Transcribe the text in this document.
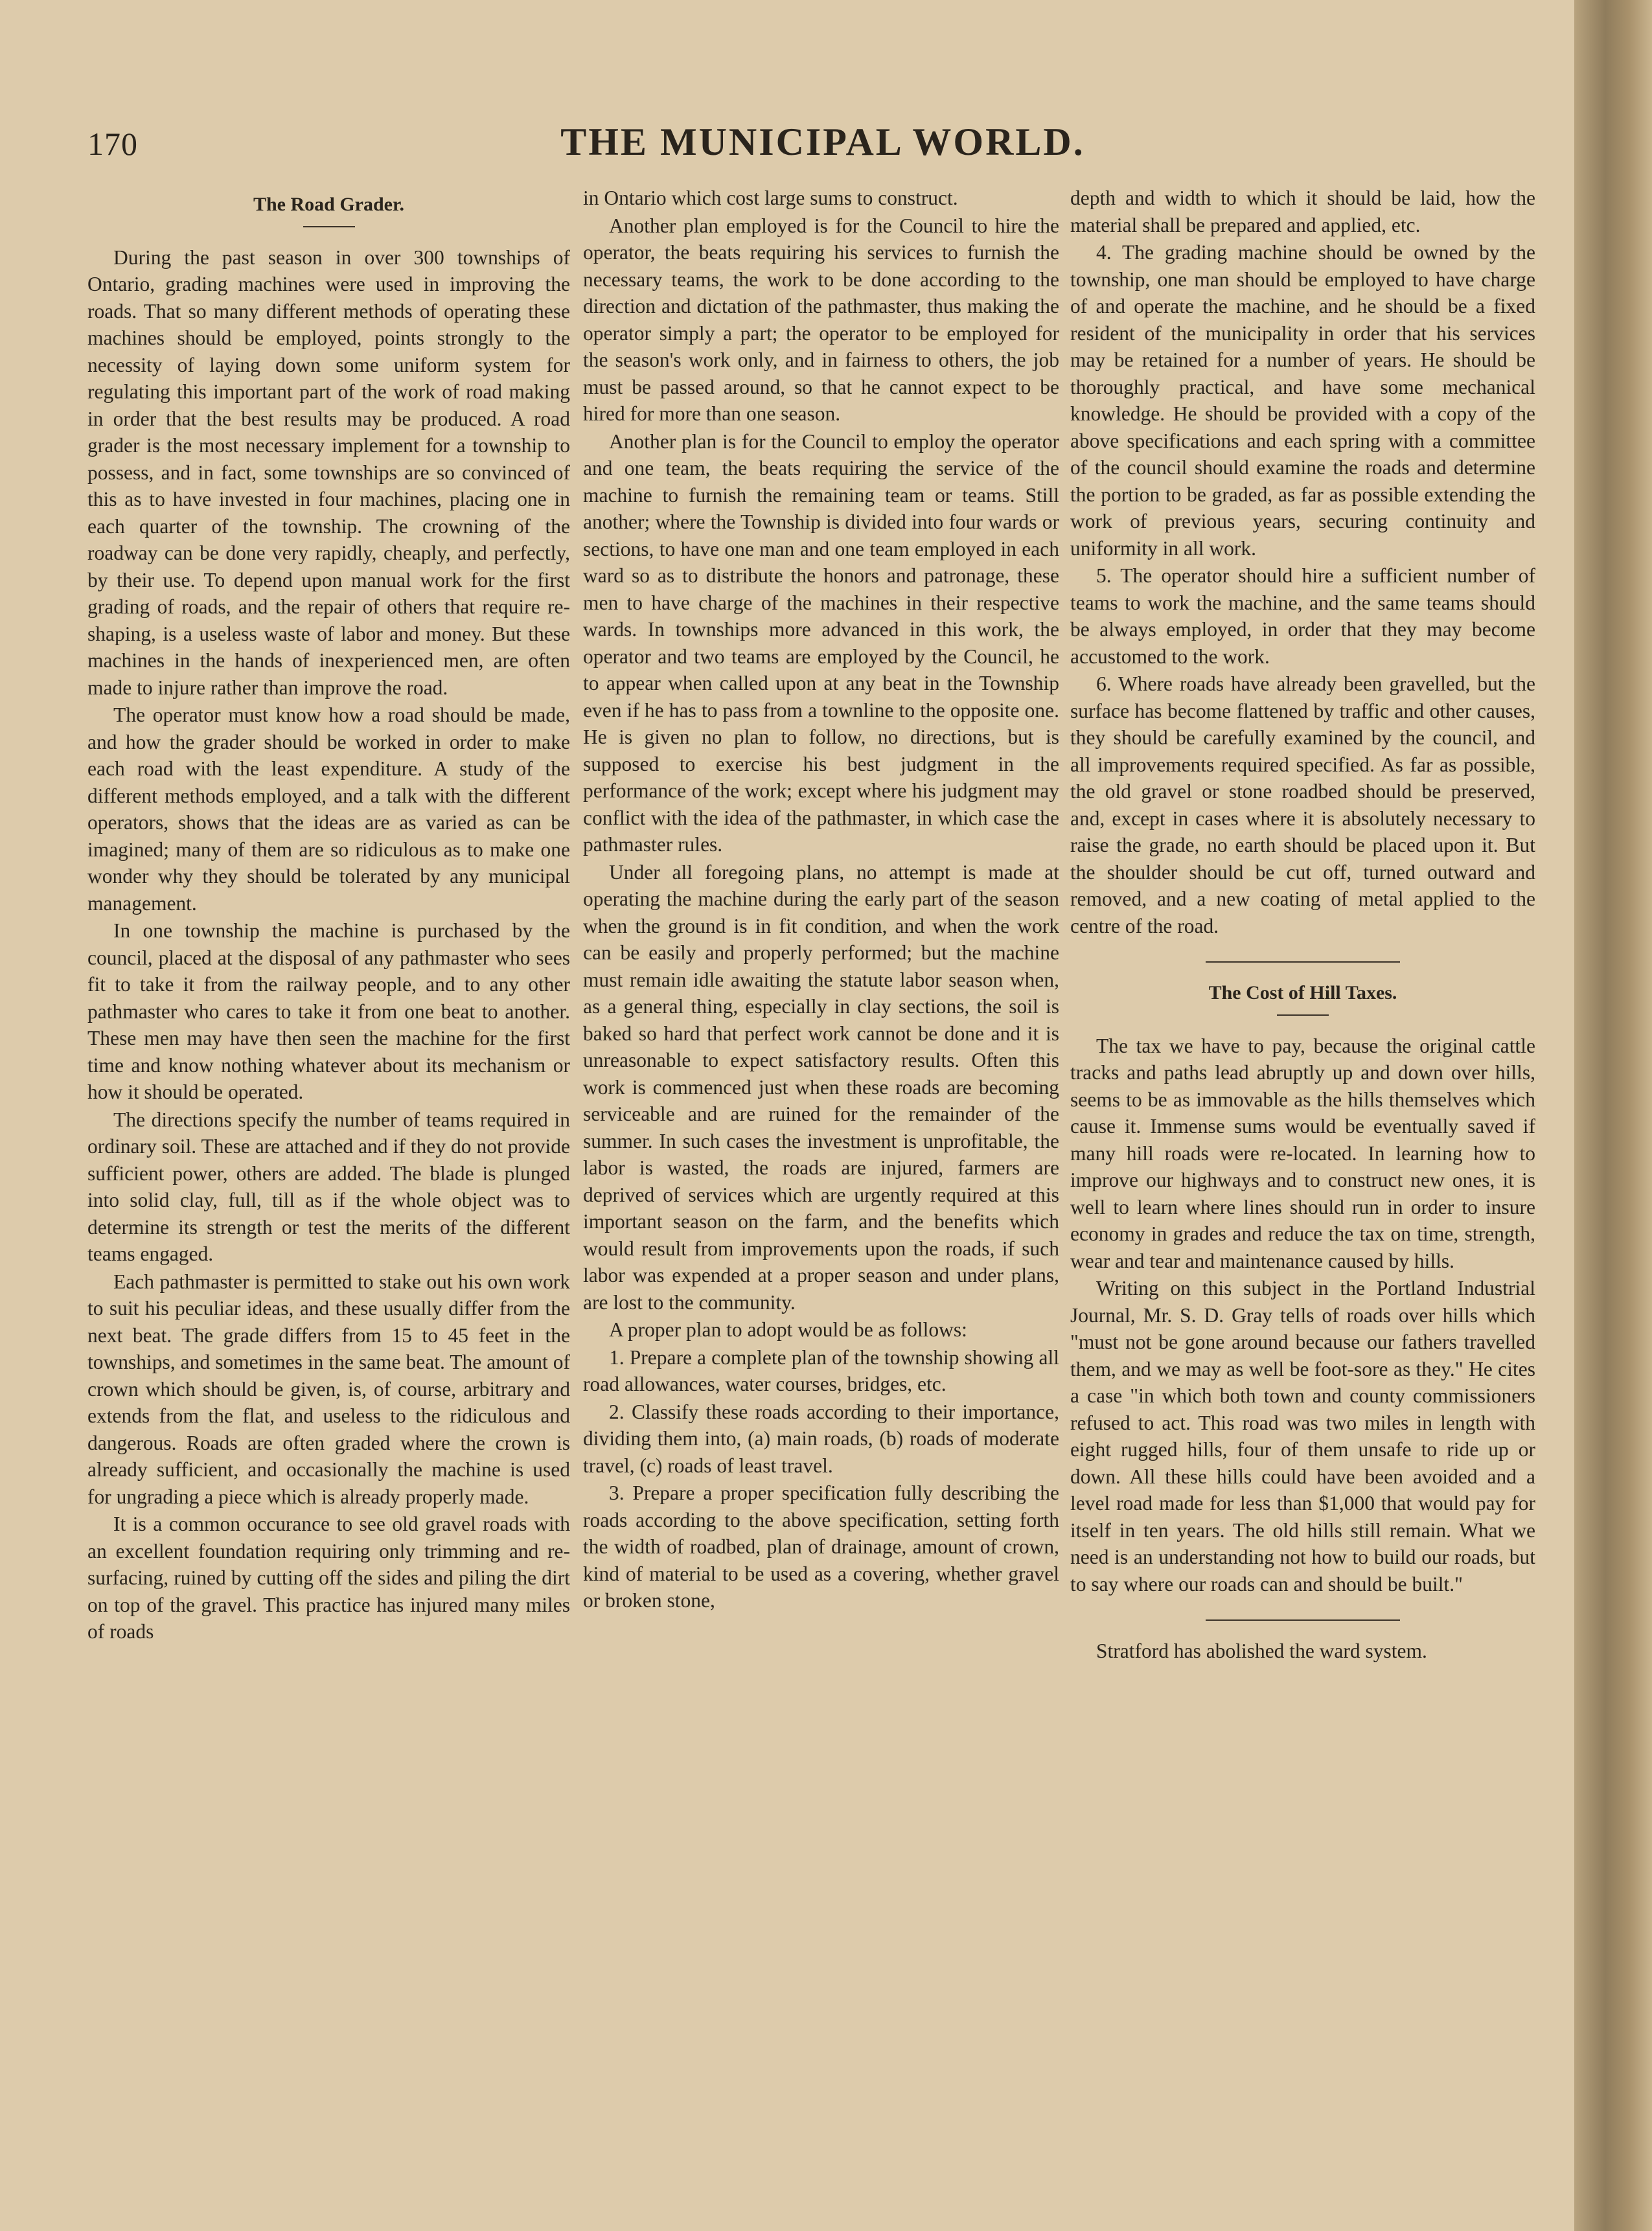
170	THE MUNICIPAL WORLD.
The Road Grader.

During the past season in over 300 townships of Ontario, grading machines were used in improving the roads. That so many different methods of operating these machines should be employed, points strongly to the necessity of laying down some uniform system for regulating this important part of the work of road making in order that the best results may be produced. A road grader is the most necessary implement for a township to possess, and in fact, some townships are so convinced of this as to have invested in four machines, placing one in each quarter of the township. The crowning of the roadway can be done very rapidly, cheaply, and perfectly, by their use. To depend upon manual work for the first grading of roads, and the repair of others that require re-shaping, is a useless waste of labor and money. But these machines in the hands of inexperienced men, are often made to injure rather than improve the road.

The operator must know how a road should be made, and how the grader should be worked in order to make each road with the least expenditure. A study of the different methods employed, and a talk with the different operators, shows that the ideas are as varied as can be imagined; many of them are so ridiculous as to make one wonder why they should be tolerated by any municipal management.

In one township the machine is purchased by the council, placed at the disposal of any pathmaster who sees fit to take it from the railway people, and to any other pathmaster who cares to take it from one beat to another. These men may have then seen the machine for the first time and know nothing whatever about its mechanism or how it should be operated.

The directions specify the number of teams required in ordinary soil. These are attached and if they do not provide sufficient power, others are added. The blade is plunged into solid clay, full, till as if the whole object was to determine its strength or test the merits of the different teams engaged.

Each pathmaster is permitted to stake out his own work to suit his peculiar ideas, and these usually differ from the next beat. The grade differs from 15 to 45 feet in the townships, and sometimes in the same beat. The amount of crown which should be given, is, of course, arbitrary and extends from the flat, and useless to the ridiculous and dangerous. Roads are often graded where the crown is already sufficient, and occasionally the machine is used for ungrading a piece which is already properly made.

It is a common occurance to see old gravel roads with an excellent foundation requiring only trimming and re-surfacing, ruined by cutting off the sides and piling the dirt on top of the gravel. This practice has injured many miles of roads

in Ontario which cost large sums to construct.

Another plan employed is for the Council to hire the operator, the beats requiring his services to furnish the necessary teams, the work to be done according to the direction and dictation of the pathmaster, thus making the operator simply a part; the operator to be employed for the season's work only, and in fairness to others, the job must be passed around, so that he cannot expect to be hired for more than one season.

Another plan is for the Council to employ the operator and one team, the beats requiring the service of the machine to furnish the remaining team or teams. Still another; where the Township is divided into four wards or sections, to have one man and one team employed in each ward so as to distribute the honors and patronage, these men to have charge of the machines in their respective wards. In townships more advanced in this work, the operator and two teams are employed by the Council, he to appear when called upon at any beat in the Township even if he has to pass from a townline to the opposite one. He is given no plan to follow, no directions, but is supposed to exercise his best judgment in the performance of the work; except where his judgment may conflict with the idea of the pathmaster, in which case the pathmaster rules.

Under all foregoing plans, no attempt is made at operating the machine during the early part of the season when the ground is in fit condition, and when the work can be easily and properly performed; but the machine must remain idle awaiting the statute labor season when, as a general thing, especially in clay sections, the soil is baked so hard that perfect work cannot be done and it is unreasonable to expect satisfactory results. Often this work is commenced just when these roads are becoming serviceable and are ruined for the remainder of the summer. In such cases the investment is unprofitable, the labor is wasted, the roads are injured, farmers are deprived of services which are urgently required at this important season on the farm, and the benefits which would result from improvements upon the roads, if such labor was expended at a proper season and under plans, are lost to the community.

A proper plan to adopt would be as follows:

1. Prepare a complete plan of the township showing all road allowances, water courses, bridges, etc.

2. Classify these roads according to their importance, dividing them into, (a) main roads, (b) roads of moderate travel, (c) roads of least travel.

3. Prepare a proper specification fully describing the roads according to the above specification, setting forth the width of roadbed, plan of drainage, amount of crown, kind of material to be used as a covering, whether gravel or broken stone,

depth and width to which it should be laid, how the material shall be prepared and applied, etc.

4. The grading machine should be owned by the township, one man should be employed to have charge of and operate the machine, and he should be a fixed resident of the municipality in order that his services may be retained for a number of years. He should be thoroughly practical, and have some mechanical knowledge. He should be provided with a copy of the above specifications and each spring with a committee of the council should examine the roads and determine the portion to be graded, as far as possible extending the work of previous years, securing continuity and uniformity in all work.

5. The operator should hire a sufficient number of teams to work the machine, and the same teams should be always employed, in order that they may become accustomed to the work.

6. Where roads have already been gravelled, but the surface has become flattened by traffic and other causes, they should be carefully examined by the council, and all improvements required specified. As far as possible, the old gravel or stone roadbed should be preserved, and, except in cases where it is absolutely necessary to raise the grade, no earth should be placed upon it. But the shoulder should be cut off, turned outward and removed, and a new coating of metal applied to the centre of the road.

The Cost of Hill Taxes.

The tax we have to pay, because the original cattle tracks and paths lead abruptly up and down over hills, seems to be as immovable as the hills themselves which cause it. Immense sums would be eventually saved if many hill roads were re-located. In learning how to improve our highways and to construct new ones, it is well to learn where lines should run in order to insure economy in grades and reduce the tax on time, strength, wear and tear and maintenance caused by hills.

Writing on this subject in the Portland Industrial Journal, Mr. S. D. Gray tells of roads over hills which "must not be gone around because our fathers travelled them, and we may as well be foot-sore as they." He cites a case "in which both town and county commissioners refused to act. This road was two miles in length with eight rugged hills, four of them unsafe to ride up or down. All these hills could have been avoided and a level road made for less than $1,000 that would pay for itself in ten years. The old hills still remain. What we need is an understanding not how to build our roads, but to say where our roads can and should be built."

Stratford has abolished the ward system.
